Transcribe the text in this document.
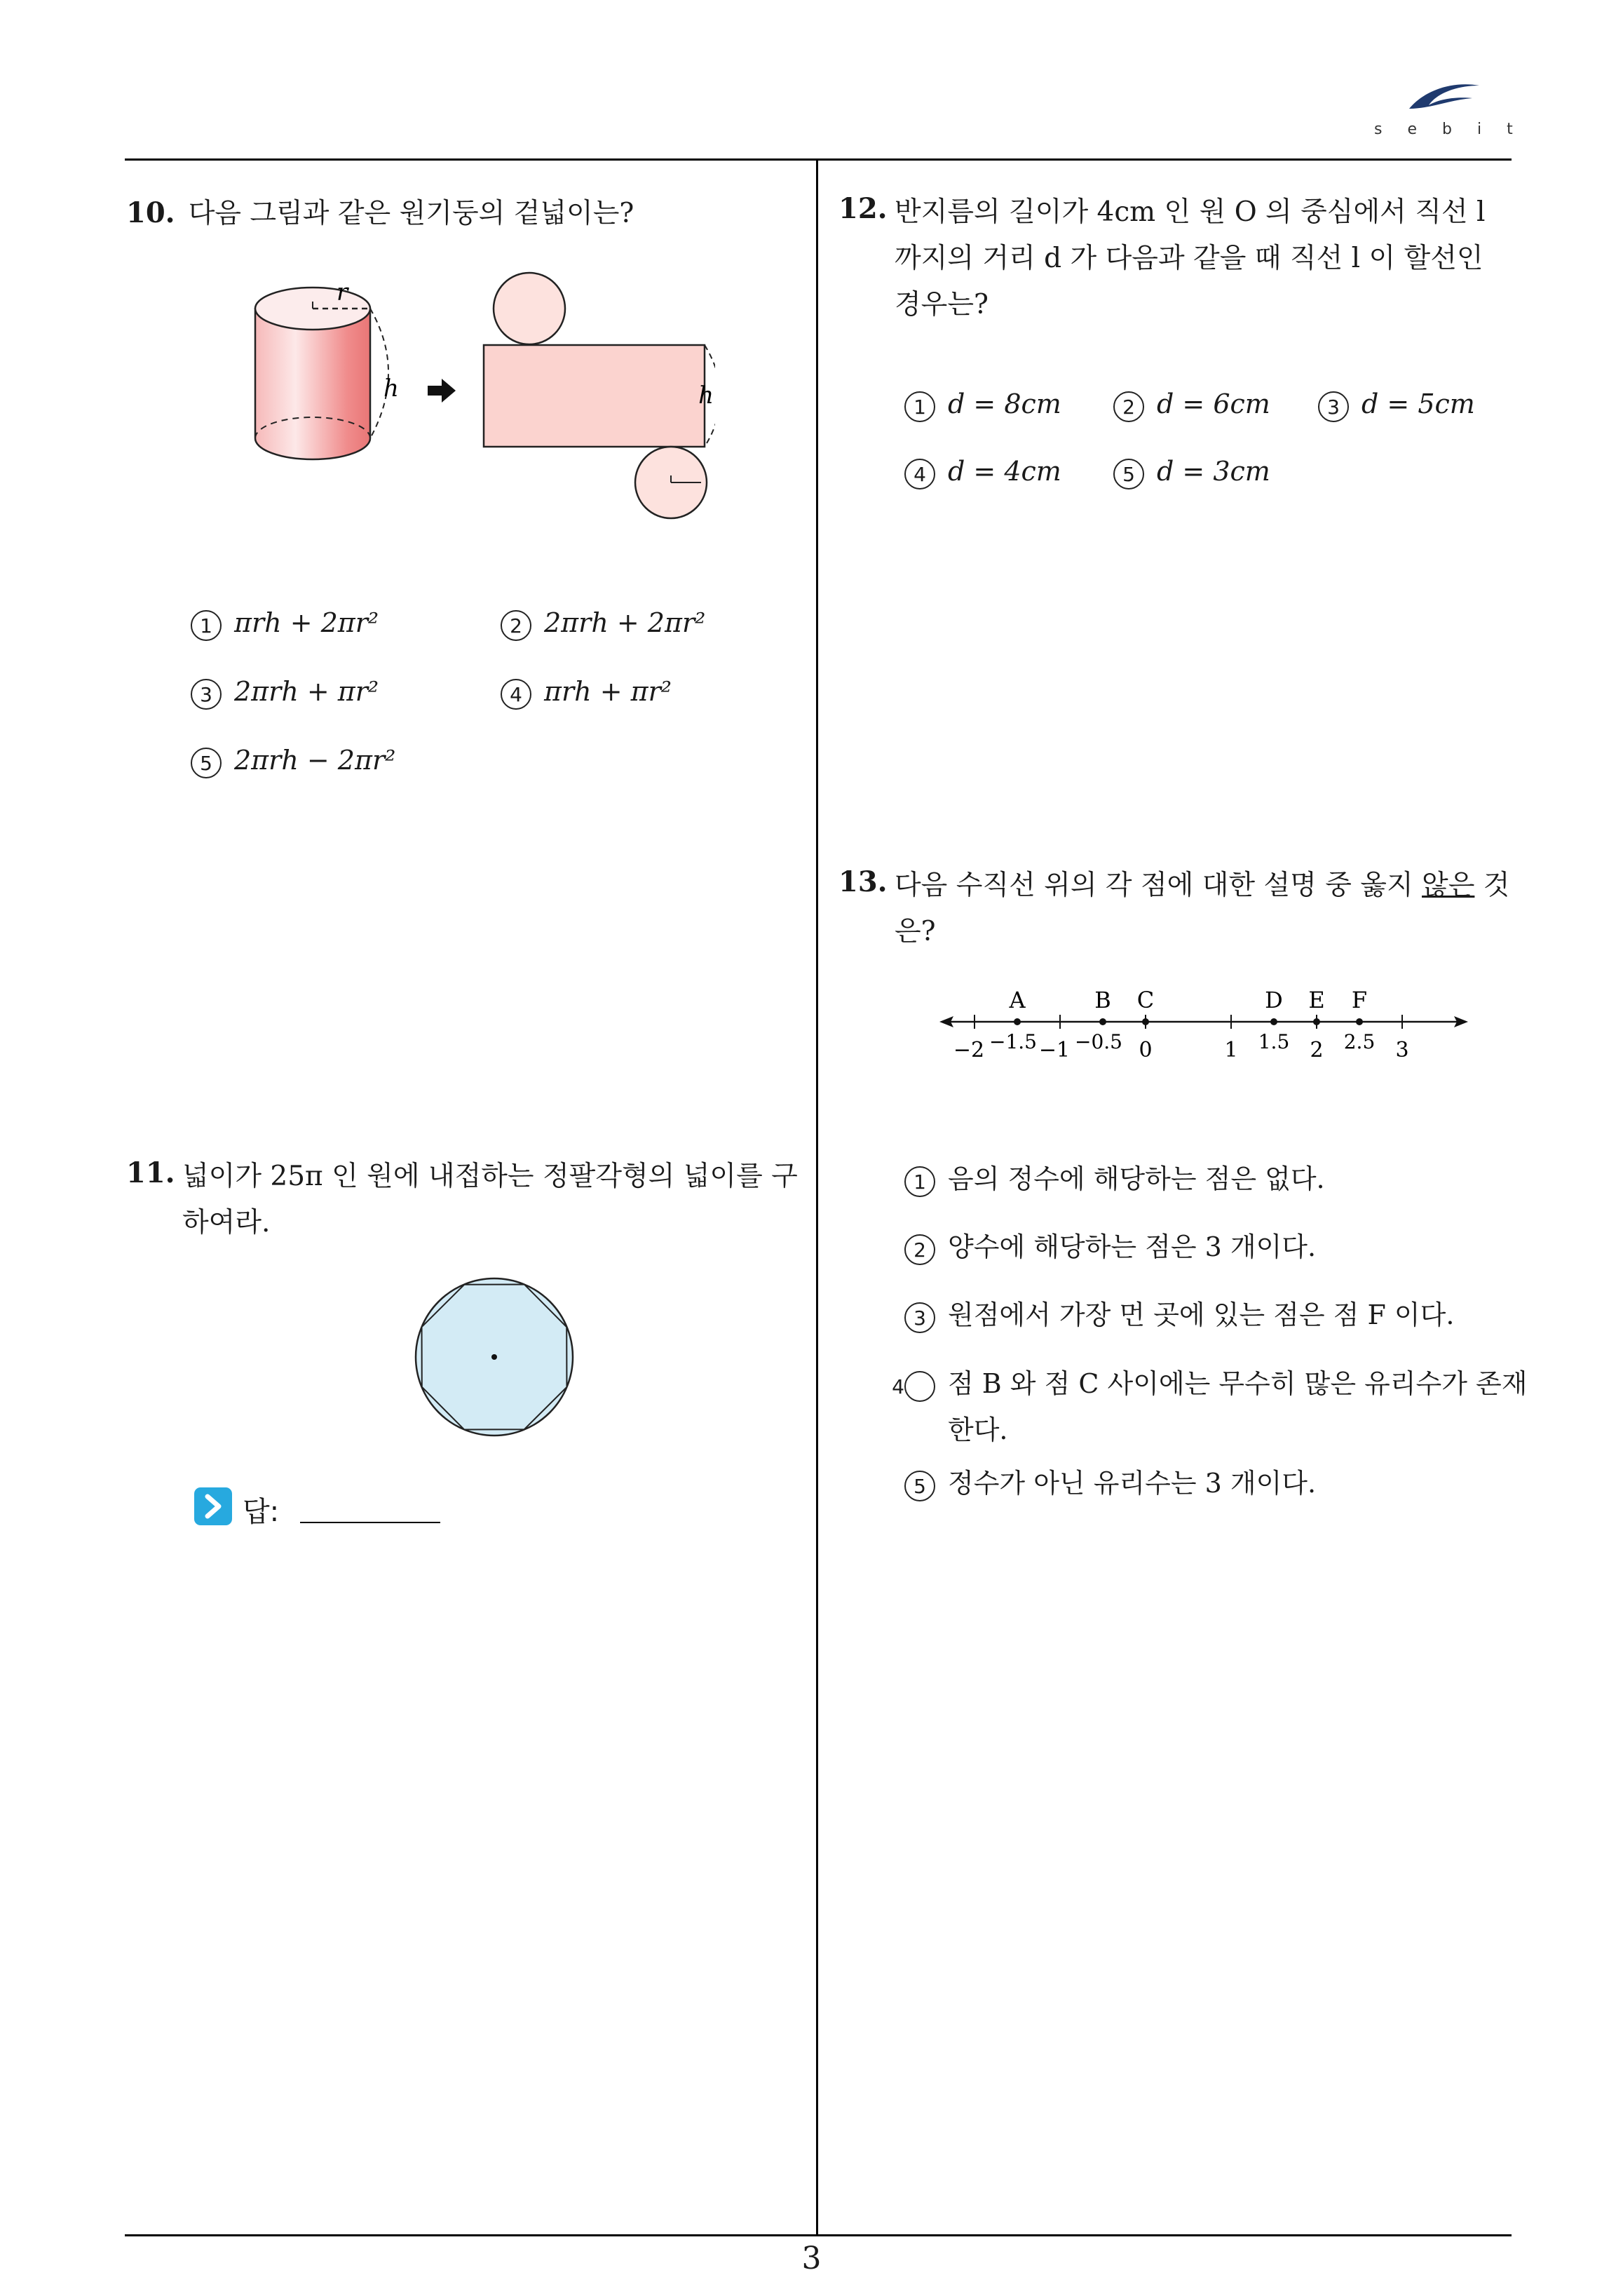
sebit
10. 다음 그림과 같은 원기둥의 겉넓이는?
r
h	h
1 πrh + 2πr²	2 2πrh + 2πr²
3 2πrh + πr²	4 πrh + πr²
5 2πrh − 2πr²
11. 넓이가 25π 인 원에 내접하는 정팔각형의 넓이를 구하여라.
답:
12. 반지름의 길이가 4cm 인 원 O 의 중심에서 직선 l 까지의 거리 d 가 다음과 같을 때 직선 l 이 할선인 경우는?
1 d = 8cm	2 d = 6cm	3 d = 5cm
4 d = 4cm	5 d = 3cm
13. 다음 수직선 위의 각 점에 대한 설명 중 옳지 않은 것은?
−2	−1	0	1	2	3
A
−1.5
B
−0.5
C	D
1.5
E F
2.5
1 음의 정수에 해당하는 점은 없다.
2 양수에 해당하는 점은 3 개이다.
3 원점에서 가장 먼 곳에 있는 점은 점 F 이다.
4 점 B 와 점 C 사이에는 무수히 많은 유리수가 존재한다.
5 정수가 아닌 유리수는 3 개이다.
3
